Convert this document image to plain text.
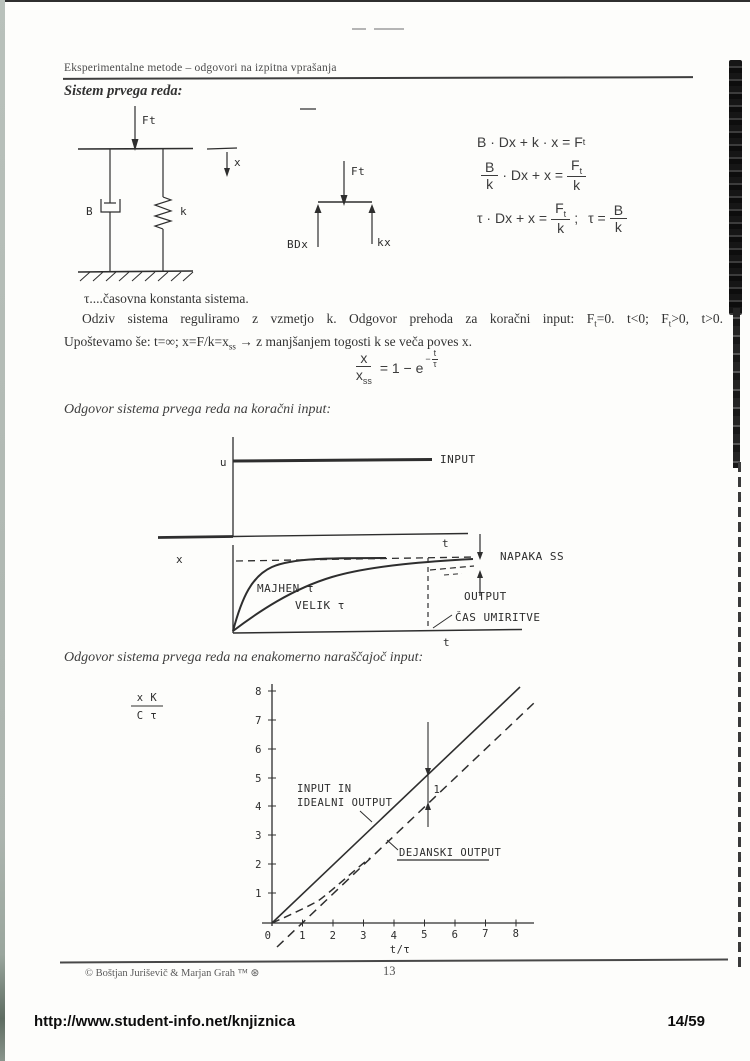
Eksperimentalne metode – odgovori na izpitna vprašanja
Sistem prvega reda:
Ft
x
B	k
Ft
BDx	kx
B · Dx + k · x = F t
$\frac{B}{k} \cdot Dx + x = \frac{F_t}{k}$
$\tau \cdot Dx + x = \frac{F_t}{k}$ ; $\tau = \frac{B}{k}$
τ....časovna konstanta sistema.
Odziv sistema reguliramo z vzmetjo k. Odgovor prehoda za koračni input: $F_t=0$. t<0; $F_t>0$, t>0.
Upoštevamo še: t=∞; $x=F/k=x_{ss} \to z$ manjšanjem togosti k se veča poves x.
$\frac{x}{x_{ss}} = 1 - e$
− $\frac{t}{\tau}$
Odgovor sistema prvega reda na koračni input:
u	INPUT
t
x
MAJHEN τ
VELIK τ
t
NAPAKA SS
OUTPUT
ČAS UMIRITVE
Odgovor sistema prvega reda na enakomerno naraščajoč input:
x K
C τ
8
7
6
5
4
3
2
1
0	1 2 3 4 5 6 7 8
t/τ
1
INPUT IN
IDEALNI OUTPUT
DEJANSKI OUTPUT
© Boštjan Juriševič & Marjan Grah ™ ⊛	13
http://www.student-info.net/knjiznica	14/59
